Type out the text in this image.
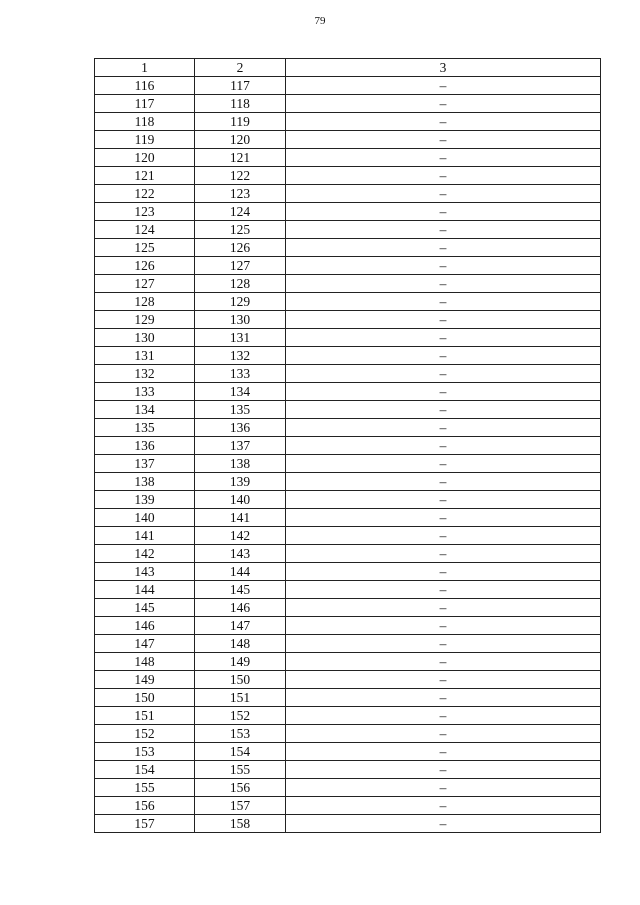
79
1	2	3
116	117	–
117	118	–
118	119	–
119	120	–
120	121	–
121	122	–
122	123	–
123	124	–
124	125	–
125	126	–
126	127	–
127	128	–
128	129	–
129	130	–
130	131	–
131	132	–
132	133	–
133	134	–
134	135	–
135	136	–
136	137	–
137	138	–
138	139	–
139	140	–
140	141	–
141	142	–
142	143	–
143	144	–
144	145	–
145	146	–
146	147	–
147	148	–
148	149	–
149	150	–
150	151	–
151	152	–
152	153	–
153	154	–
154	155	–
155	156	–
156	157	–
157	158	–
